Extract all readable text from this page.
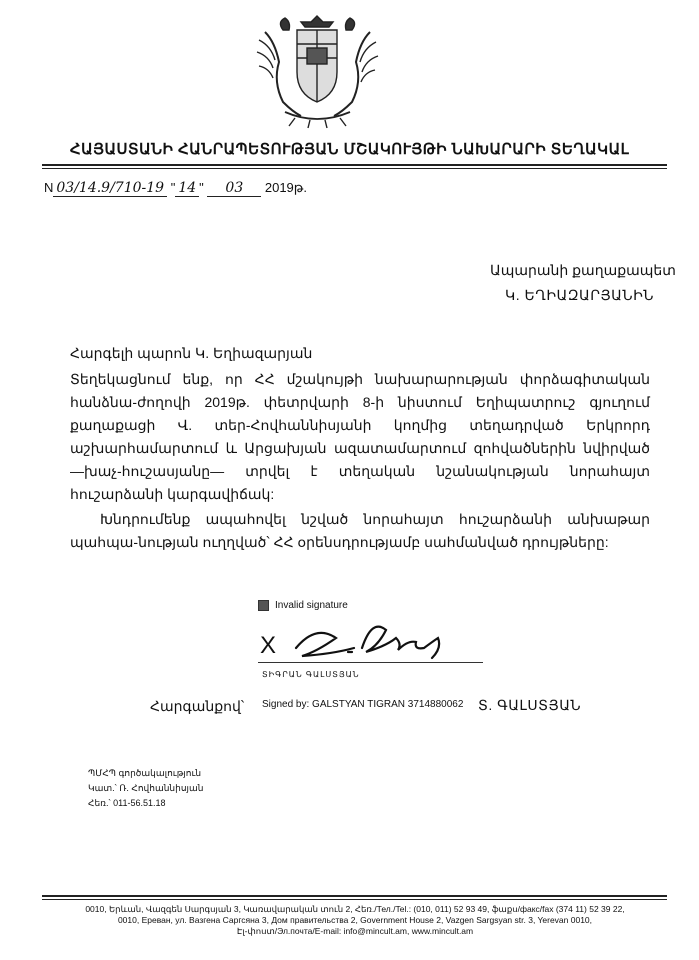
ՀԱՅԱՍՏԱՆԻ ՀԱՆՐԱՊԵՏՈՒԹՅԱՆ ՄՇԱԿՈՒՅԹԻ ՆԱԽԱՐԱՐԻ ՏԵՂԱԿԱԼ
N 03/14.9/710-19 " 14 " 03 2019թ.
Ապարանի քաղաքապետ
Կ. ԵՂԻԱԶԱՐՅԱՆԻՆ
Հարգելի պարոն Կ. Եղիազարյան

Տեղեկացնում ենք, որ ՀՀ մշակույթի նախարարության փորձագիտական հանձնա-ժողովի 2019թ. փետրվարի 8-ի նիստում Եղիպատրուշ գյուղում քաղաքացի Վ. տեր-Հովհաննիսյանի կողմից տեղադրված Երկրորդ աշխարհամարտում և Արցախյան ազատամարտում զոհվածներին նվիրված —խաչ-հուշասյանը— տրվել է տեղական նշանակության նորահայտ հուշարձանի կարգավիճակ:

Խնդրումենք ապահովել նշված նորահայտ հուշարձանի անխաթար պահպա-նության ուղղված՝ ՀՀ օրենսդրությամբ սահմանված դրույթները:

Invalid signature
X
ՏԻԳՐԱՆ ԳԱԼՍՏՅԱՆ
Հարգանքով՝ Signed by: GALSTYAN TIGRAN 3714880062 Տ. ԳԱԼՍՏՅԱՆ
ՊՄՀՊ գործակալություն
Կատ.՝ Ռ. Հովհաննիսյան
Հեռ.՝ 011-56.51.18
0010, Երևան, Վազգեն Սարգսյան 3, Կառավարական տուն 2, Հեռ./Тел./Tel.: (010, 011) 52 93 49, ֆաքս/факс/fax (374 11) 52 39 22,
0010, Ереван, ул. Вазгена Саргсяна 3, Дом правительства 2, Government House 2, Vazgen Sargsyan str. 3, Yerevan 0010,
Էլ-փոստ/Эл.почта/E-mail: info@mincult.am, www.mincult.am
